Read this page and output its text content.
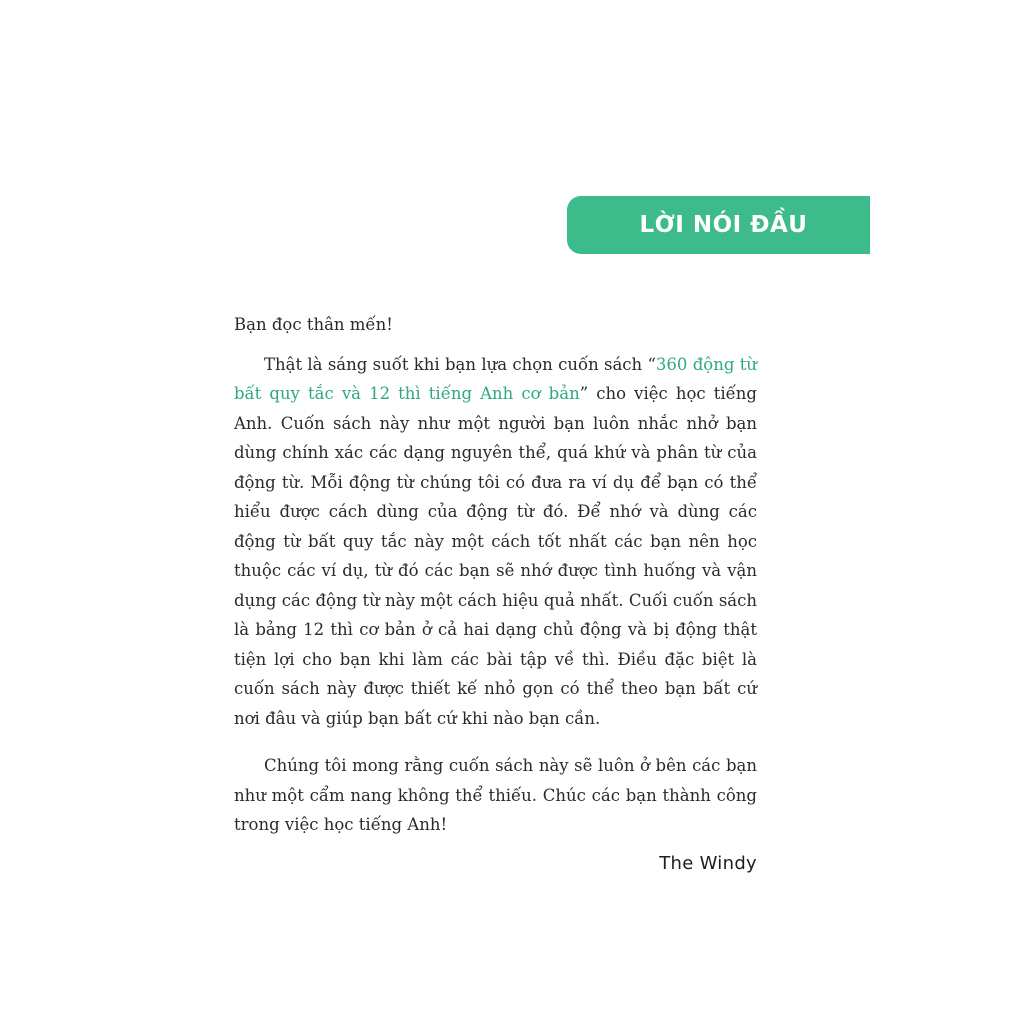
LỜI NÓI ĐẦU

Bạn đọc thân mến!

Thật là sáng suốt khi bạn lựa chọn cuốn sách “360 động từ bất quy tắc và 12 thì tiếng Anh cơ bản” cho việc học tiếng Anh. Cuốn sách này như một người bạn luôn nhắc nhở bạn dùng chính xác các dạng nguyên thể, quá khứ và phân từ của động từ. Mỗi động từ chúng tôi có đưa ra ví dụ để bạn có thể hiểu được cách dùng của động từ đó. Để nhớ và dùng các động từ bất quy tắc này một cách tốt nhất các bạn nên học thuộc các ví dụ, từ đó các bạn sẽ nhớ được tình huống và vận dụng các động từ này một cách hiệu quả nhất. Cuối cuốn sách là bảng 12 thì cơ bản ở cả hai dạng chủ động và bị động thật tiện lợi cho bạn khi làm các bài tập về thì. Điều đặc biệt là cuốn sách này được thiết kế nhỏ gọn có thể theo bạn bất cứ nơi đâu và giúp bạn bất cứ khi nào bạn cần.

Chúng tôi mong rằng cuốn sách này sẽ luôn ở bên các bạn như một cẩm nang không thể thiếu. Chúc các bạn thành công trong việc học tiếng Anh!

The Windy
